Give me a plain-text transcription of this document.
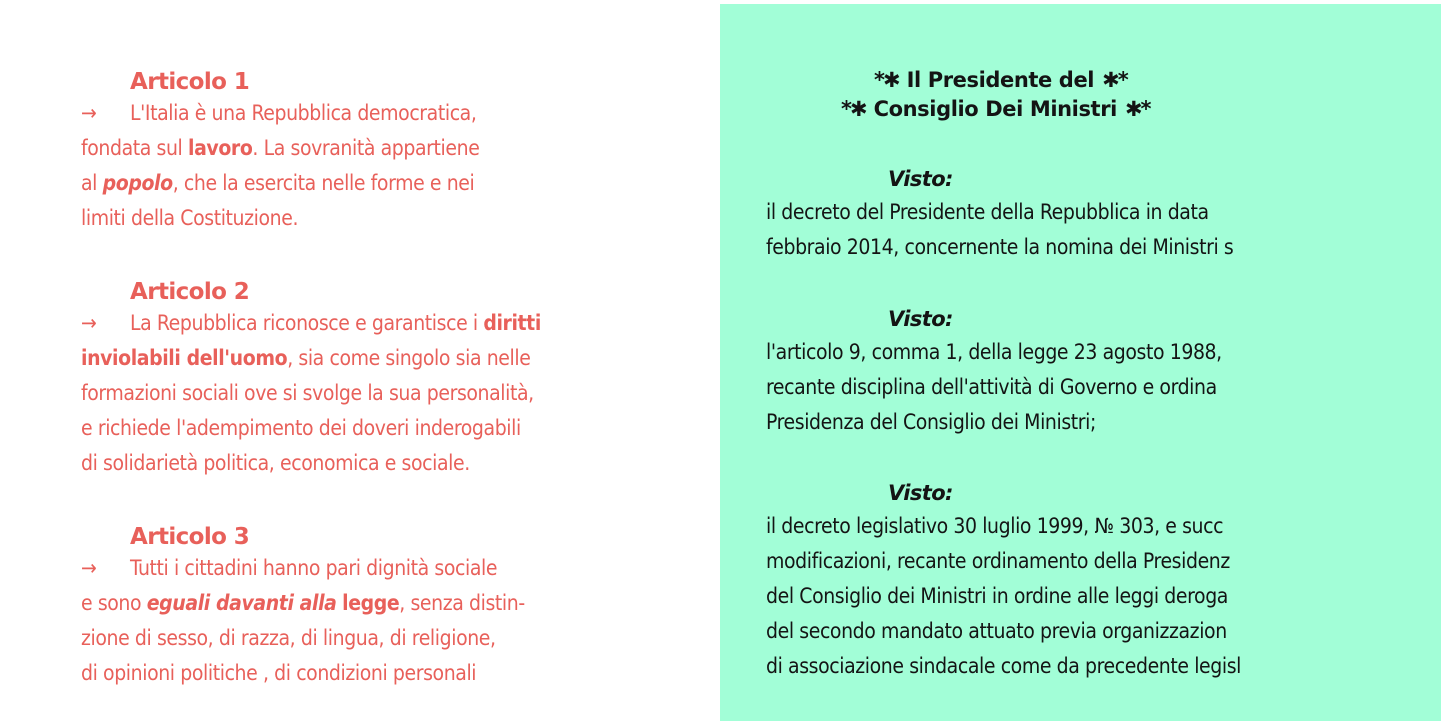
Articolo 1
→ L'Italia è una Repubblica democratica,
fondata sul lavoro. La sovranità appartiene
al popolo, che la esercita nelle forme e nei
limiti della Costituzione.
Articolo 2
→ La Repubblica riconosce e garantisce i diritti
inviolabili dell'uomo, sia come singolo sia nelle
formazioni sociali ove si svolge la sua personalità,
e richiede l'adempimento dei doveri inderogabili
di solidarietà politica, economica e sociale.
Articolo 3
→ Tutti i cittadini hanno pari dignità sociale
e sono eguali davanti alla legge, senza distin-
zione di sesso, di razza, di lingua, di religione,
di opinioni politiche , di condizioni personali
*✱ Il Presidente del ✱*
*✱ Consiglio Dei Ministri ✱*
Visto:
il decreto del Presidente della Repubblica in data
febbraio 2014, concernente la nomina dei Ministri s
Visto:
l'articolo 9, comma 1, della legge 23 agosto 1988,
recante disciplina dell'attività di Governo e ordina
Presidenza del Consiglio dei Ministri;
Visto:
il decreto legislativo 30 luglio 1999, № 303, e succ
modificazioni, recante ordinamento della Presidenz
del Consiglio dei Ministri in ordine alle leggi deroga
del secondo mandato attuato previa organizzazion
di associazione sindacale come da precedente legisl
